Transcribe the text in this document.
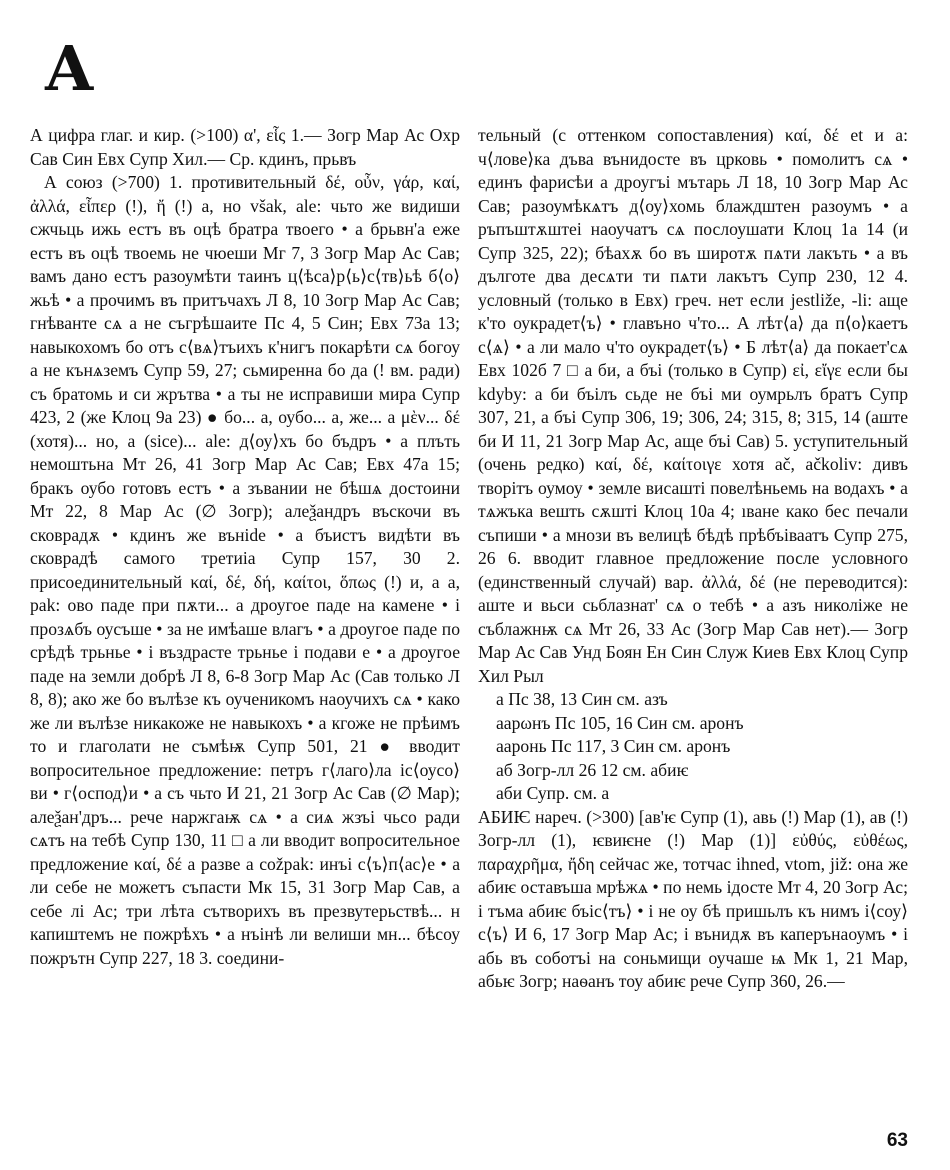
А

А цифра глаг. и кир. (>100) α', εἷς 1.— Зогр Мар Ас Охр Сав Син Евх Супр Хил.— Ср. кдинъ, прьвъ

А союз (>700) 1. противительный δέ, οὖν, γάρ, καί, ἀλλά, εἶπερ (!), ἤ (!) а, но však, ale: чьто же видиши сжчьць ижь естъ въ оцѣ братра твоего • а брьвн'а еже естъ въ оцѣ твоемь не чюеши Мг 7, 3 Зогр Мар Ас Сав; вамъ дано естъ разоумѣти таинъ ц⟨ѣса⟩р⟨ь⟩с⟨тв⟩ьѣ б⟨о⟩жьѣ • а прочимъ въ притъчахъ Л 8, 10 Зогр Мар Ас Сав; гнѣванте сѧ а не съгрѣшаите Пс 4, 5 Син; Евх 73а 13; навыкохомъ бо отъ с⟨вѧ⟩тъихъ к'нигъ покарѣти сѧ богоу а не кънѧземъ Супр 59, 27; сьмиренна бо да (! вм. ради) съ братомь и си жрътва • а ты не исправиши мира Супр 423, 2 (же Клоц 9а 23) ● бо... а, оубо... а, же... а μὲν... δέ (хотя)... но, а (sice)... ale: д⟨оу⟩хъ бо бъдръ • а плъть немоштьна Мт 26, 41 Зогр Мар Ас Сав; Евх 47а 15; бракъ оубо готовъ естъ • а зъвании не бѣшѧ достоини Мт 22, 8 Мар Ас (∅ Зогр); алеѯандръ въскочи въ сковрадѫ • кдинъ же вънide • а бъистъ видѣти въ сковрадѣ самого третиіа Супр 157, 30 2. присоединительный καί, δέ, δή, καίτοι, ὅπως (!) и, а а, pak: ово паде при пѫти... а дроугое паде на камене • і прозѧбъ оусъше • за не имѣаше влагъ • а дроугое паде по срѣдѣ трьнье • і въздрасте трьнье і подави е • а дроугое паде на земли добрѣ Л 8, 6-8 Зогр Мар Ас (Сав только Л 8, 8); ако же бо вълѣзе къ оученикомъ наоучихъ сѧ • како же ли вълѣзе никакоже не навыкохъ • а кгоже не прѣимъ то и глаголати не съмѣѭ Супр 501, 21 ● вводит вопросительное предложение: петръ г⟨лаго⟩ла іс⟨оусо⟩ви • г⟨оспод⟩и • а съ чьто И 21, 21 Зогр Ас Сав (∅ Мар); алеѯан'дръ... рече наржгаѭ сѧ • а сиѧ жзъі чьсо ради сѧтъ на тебѣ Супр 130, 11 □ а ли вводит вопросительное предложение καί, δέ а разве а cožpak: инъі с⟨ъ⟩п⟨ас⟩е • а ли себе не можетъ съпасти Мк 15, 31 Зогр Мар Сав, а себе лі Ас; три лѣта сътворихъ въ презвутерьствѣ... н капиштемъ не пожрѣхъ • а нъінѣ ли велиши мн... бѣсоу пожрътн Супр 227, 18 3. соедини-

тельный (с оттенком сопоставления) καί, δέ et и а: ч⟨лове⟩ка дъва вънидосте въ црковь • помолитъ сѧ • единъ фарисѣи а дроугъі мътарь Л 18, 10 Зогр Мар Ас Сав; разоумѣкѧтъ д⟨оу⟩хомь блаждштен разоумъ • а ръпъштѫштеі наоучатъ сѧ послоушати Клоц 1а 14 (и Супр 325, 22); бѣахѫ бо въ широтѫ пѧти лакъть • а въ дълготе два десѧти ти пѧти лакътъ Супр 230, 12 4. условный (только в Евх) греч. нет если jestliže, -li: аще к'то оукрадет⟨ъ⟩ • главъно ч'то... А лѣт⟨а⟩ да п⟨о⟩каетъ с⟨ѧ⟩ • а ли мало ч'то оукрадет⟨ъ⟩ • Б лѣт⟨а⟩ да покает'сѧ Евх 102б 7 □ а би, а бъі (только в Супр) εἰ, εἴγε если бы kdyby: а би бъілъ сьде не бъі ми оумрьлъ братъ Супр 307, 21, а бъі Супр 306, 19; 306, 24; 315, 8; 315, 14 (аште би И 11, 21 Зогр Мар Ас, аще бъі Сав) 5. уступительный (очень редко) καί, δέ, καίτοιγε хотя ač, ačkoliv: дивъ творітъ оумоу • земле висашті повелѣньемь на водахъ • а тѧжъка вешть сѫшті Клоц 10а 4; ıване како бес печали съпиши • а мнози въ велицѣ бѣдѣ прѣбъіваатъ Супр 275, 26 6. вводит главное предложение после условного (единственный случай) вар. ἀλλά, δέ (не переводится): аште и вьси сьблазнат' сѧ о тебѣ • а азъ николіже не съблажнѭ сѧ Мт 26, 33 Ас (Зогр Мар Сав нет).— Зогр Мар Ас Сав Унд Боян Ен Син Служ Киев Евх Клоц Супр Хил Рыл

а Пс 38, 13 Син см. азъ

аарωнъ Пс 105, 16 Син см. аронъ

ааронь Пс 117, 3 Син см. аронъ

аб Зогр-лл 26 12 см. абиѥ

аби Супр. см. а

АБИѤ нареч. (>300) [ав'ѥ Супр (1), авь (!) Мар (1), ав (!) Зогр-лл (1), ѥвиѥне (!) Мар (1)] εὐθύς, εὐθέως, παραχρῆμα, ἤδη сейчас же, тотчас ihned, vtom, již: она же абиѥ оставъша мрѣжѧ • по немь ідосте Мт 4, 20 Зогр Ас; і тъма абиѥ бъіс⟨тъ⟩ • і не оу бѣ пришьлъ къ нимъ і⟨соу⟩с⟨ъ⟩ И 6, 17 Зогр Мар Ас; і вънидѫ въ каперънаоумъ • і абь въ соботъі на соньмищи оучаше ѩ Мк 1, 21 Мар, абьѥ Зогр; наѳанъ тоу абиѥ рече Супр 360, 26.—

63
